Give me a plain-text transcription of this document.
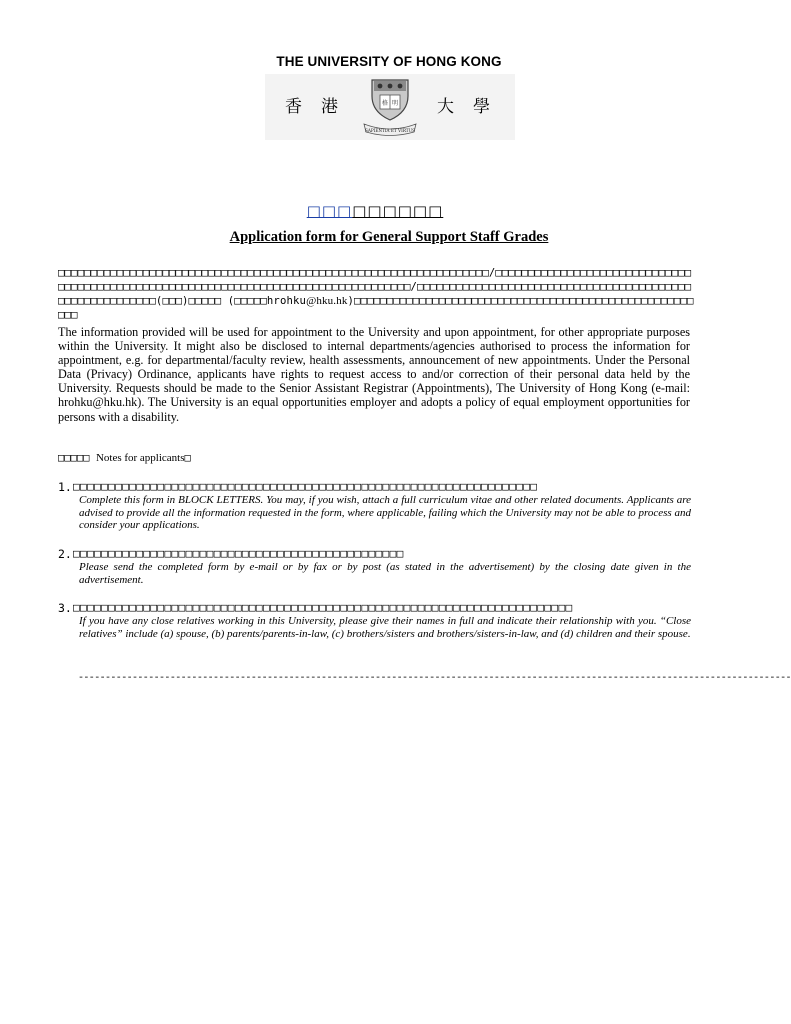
THE UNIVERSITY OF HONG KONG
香 港	格 明
SAPIENTIA ET VIRTUS
大 學
□□□□□□□□□
Application form for General Support Staff Grades
□□□□□□□□□□□□□□□□□□□□□□□□□□□□□□□□□□□□□□□□□□□□□□□□□□□□□□□□□□□□□□□□□□/□□□□□□□□□□□□□□□□□□□□□□□□□□□□□□□□□□□□□□□□□□□□□□□□□□□□□□□□□□□□□□□□□□□□□□□□□□□□□□□□□□□□/□□□□□□□□□□□□□□□□□□□□□□□□□□□□□□□□□□□□□□□□□□□□□□□□□□□□□□□□□(□□□)□□□□□ (□□□□□hrohku@hku.hk)□□□□□□□□□□□□□□□□□□□□□□□□□□□□□□□□□□□□□□□□□□□□□□□□□□□□□□□
The information provided will be used for appointment to the University and upon appointment, for other appropriate purposes within the University. It might also be disclosed to internal departments/agencies authorised to process the information for appointment, e.g. for departmental/faculty review, health assessments, announcement of new appointments. Under the Personal Data (Privacy) Ordinance, applicants have rights to request access to and/or correction of their personal data held by the University. Requests should be made to the Senior Assistant Registrar (Appointments), The University of Hong Kong (e-mail: hrohku@hku.hk). The University is an equal opportunities employer and adopts a policy of equal employment opportunities for persons with a disability.
□□□□□ Notes for applicants□
1. □□□□□□□□□□□□□□□□□□□□□□□□□□□□□□□□□□□□□□□□□□□□□□□□□□□□□□□□□□□□□□□□□□
Complete this form in BLOCK LETTERS. You may, if you wish, attach a full curriculum vitae and other related documents. Applicants are advised to provide all the information requested in the form, where applicable, failing which the University may not be able to process and consider your applications.
2. □□□□□□□□□□□□□□□□□□□□□□□□□□□□□□□□□□□□□□□□□□□□□□□
Please send the completed form by e-mail or by fax or by post (as stated in the advertisement) by the closing date given in the advertisement.
3. □□□□□□□□□□□□□□□□□□□□□□□□□□□□□□□□□□□□□□□□□□□□□□□□□□□□□□□□□□□□□□□□□□□□□□□
If you have any close relatives working in this University, please give their names in full and indicate their relationship with you. “Close relatives” include (a) spouse, (b) parents/parents-in-law, (c) brothers/sisters and brothers/sisters-in-law, and (d) children and their spouse.
------------------------------------------------------------------------------------------------------------------------------------
